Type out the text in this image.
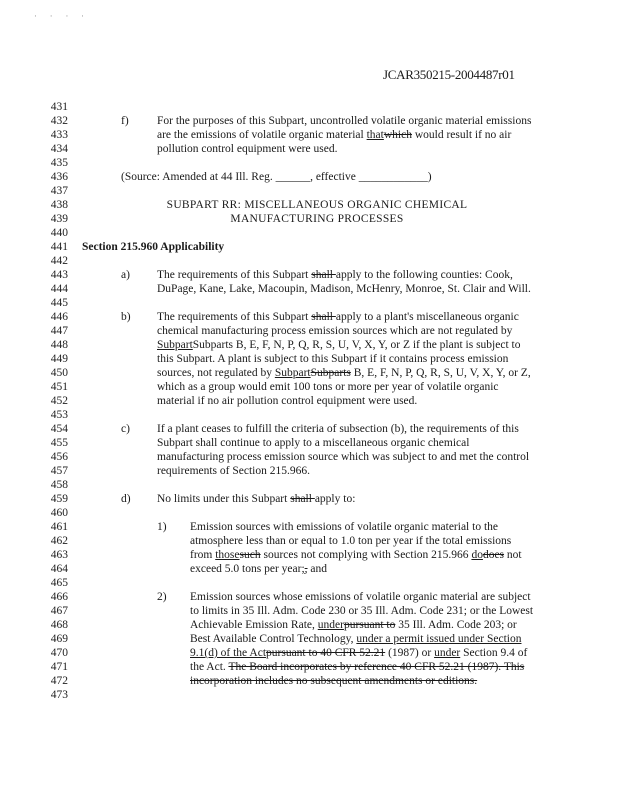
· · · ·
JCAR350215-2004487r01
431
432
433
434
435
436
437
438
439
440
441
442
443
444
445
446
447
448
449
450
451
452
453
454
455
456
457
458
459
460
461
462
463
464
465
466
467
468
469
470
471
472
473
f) For the purposes of this Subpart, uncontrolled volatile organic material emissions
are the emissions of volatile organic material thatwhich would result if no air
pollution control equipment were used.
(Source: Amended at 44 Ill. Reg. ______, effective ____________)
SUBPART RR: MISCELLANEOUS ORGANIC CHEMICAL
MANUFACTURING PROCESSES
Section 215.960 Applicability
a) The requirements of this Subpart shall apply to the following counties: Cook,
DuPage, Kane, Lake, Macoupin, Madison, McHenry, Monroe, St. Clair and Will.
b) The requirements of this Subpart shall apply to a plant's miscellaneous organic
chemical manufacturing process emission sources which are not regulated by
SubpartSubparts B, E, F, N, P, Q, R, S, U, V, X, Y, or Z if the plant is subject to
this Subpart. A plant is subject to this Subpart if it contains process emission
sources, not regulated by SubpartSubparts B, E, F, N, P, Q, R, S, U, V, X, Y, or Z,
which as a group would emit 100 tons or more per year of volatile organic
material if no air pollution control equipment were used.
c) If a plant ceases to fulfill the criteria of subsection (b), the requirements of this
Subpart shall continue to apply to a miscellaneous organic chemical
manufacturing process emission source which was subject to and met the control
requirements of Section 215.966.
d) No limits under this Subpart shall apply to:
1) Emission sources with emissions of volatile organic material to the
atmosphere less than or equal to 1.0 ton per year if the total emissions
from thosesuch sources not complying with Section 215.966 dodoes not
exceed 5.0 tons per year;, and
2) Emission sources whose emissions of volatile organic material are subject
to limits in 35 Ill. Adm. Code 230 or 35 Ill. Adm. Code 231; or the Lowest
Achievable Emission Rate, underpursuant to 35 Ill. Adm. Code 203; or
Best Available Control Technology, under a permit issued under Section
9.1(d) of the Actpursuant to 40 CFR 52.21 (1987) or under Section 9.4 of
the Act. The Board incorporates by reference 40 CFR 52.21 (1987). This
incorporation includes no subsequent amendments or editions.
